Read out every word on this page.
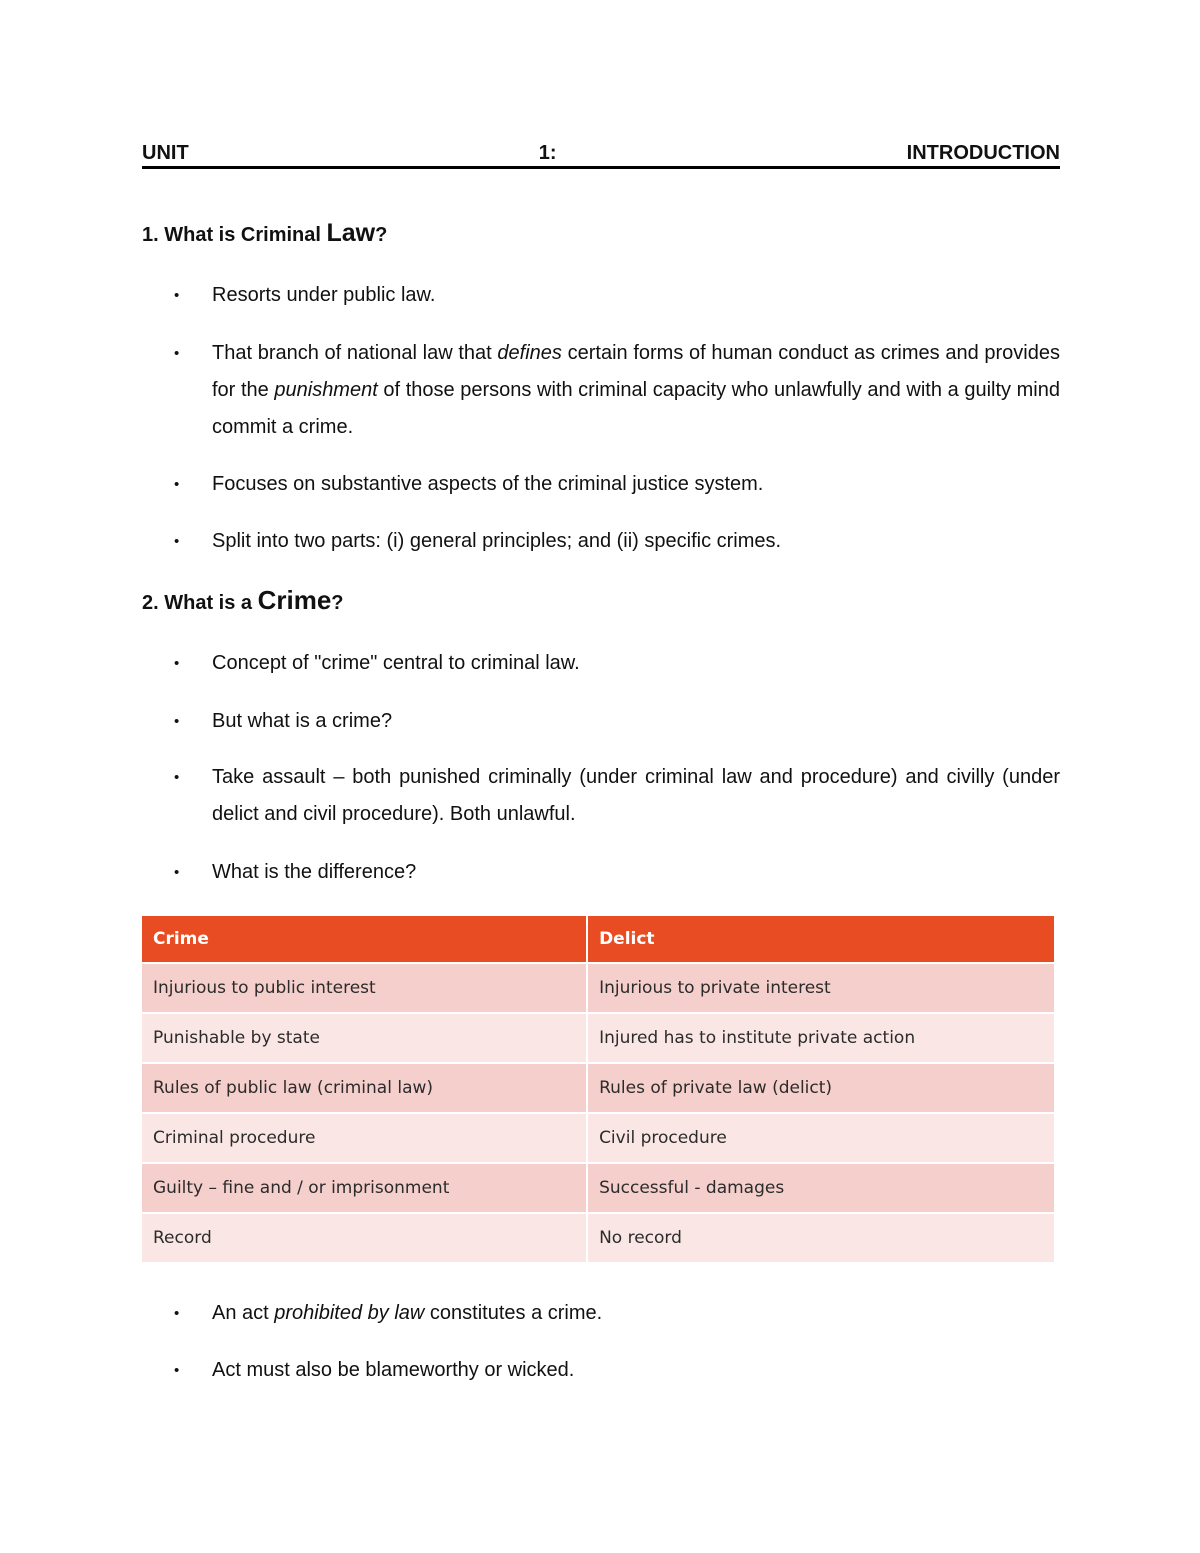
UNIT	1:	INTRODUCTION
1. What is Criminal Law?
•	Resorts under public law.
•	That branch of national law that defines certain forms of human conduct as crimes and provides for the punishment of those persons with criminal capacity who unlawfully and with a guilty mind commit a crime.
•	Focuses on substantive aspects of the criminal justice system.
•	Split into two parts: (i) general principles; and (ii) specific crimes.
2. What is a Crime?
•	Concept of "crime" central to criminal law.
•	But what is a crime?
•	Take assault – both punished criminally (under criminal law and procedure) and civilly (under delict and civil procedure). Both unlawful.
•	What is the difference?
Crime	Delict
Injurious to public interest	Injurious to private interest
Punishable by state	Injured has to institute private action
Rules of public law (criminal law)	Rules of private law (delict)
Criminal procedure	Civil procedure
Guilty – fine and / or imprisonment	Successful - damages
Record	No record
•	An act prohibited by law constitutes a crime.
•	Act must also be blameworthy or wicked.
